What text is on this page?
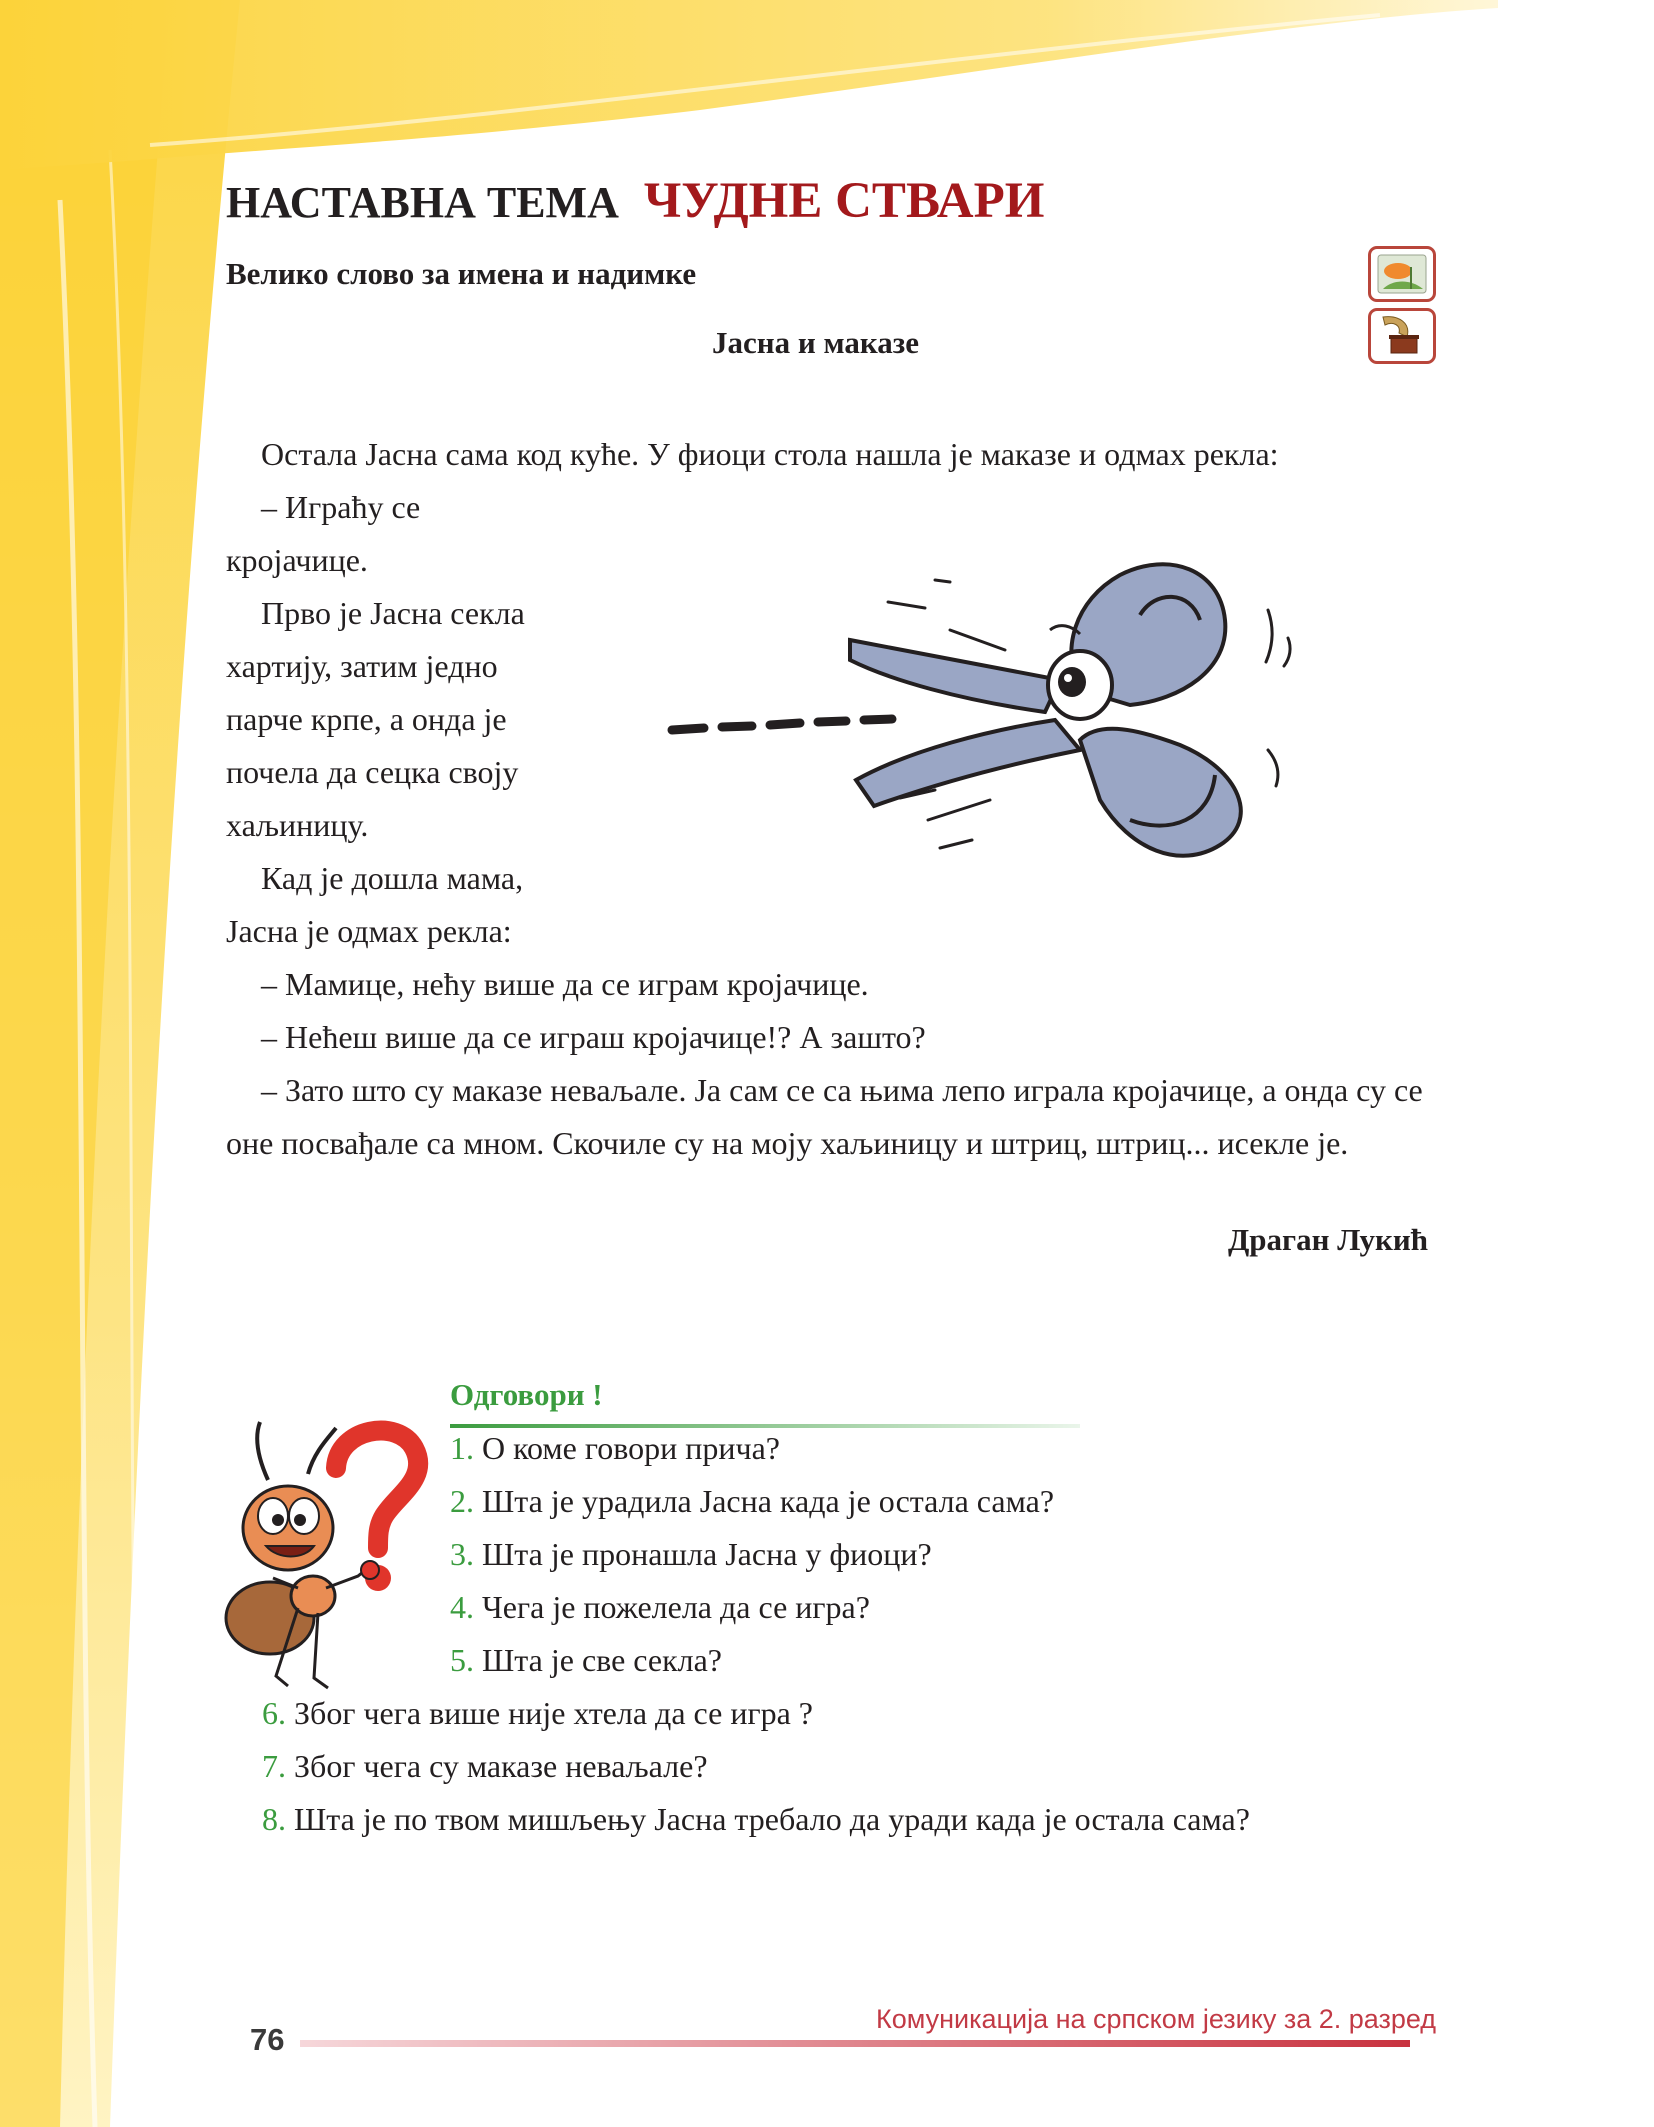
НАСТАВНА ТЕМА ЧУДНЕ СТВАРИ
Велико слово за имена и надимке
Јасна и маказе

Остала Јасна сама код куће. У фиоци стола нашла је маказе и одмах рекла:

– Играћу се

кројачице.

Прво је Јасна секла хартију, затим једно парче крпе, а онда је почела да сецка своју хаљиницу.

Кад је дошла мама, Јасна је одмах рекла:

– Мамице, нећу више да се играм кројачице.

– Нећеш више да се играш кројачице!? А зашто?

– Зато што су маказе неваљале. Ја сам се са њима лепо играла кројачице, а онда су се оне посвађале са мном. Скочиле су на моју хаљиницу и штриц, штриц... исекле је.

Драган Лукић
Одговори !
1. О коме говори прича?
2. Шта је урадила Јасна када је остала сама?
3. Шта је пронашла Јасна у фиоци?
4. Чега је пожелела да се игра?
5. Шта је све секла?
6. Због чега више није хтела да се игра ?
7. Због чега су маказе неваљале?
8. Шта је по твом мишљењу Јасна требало да уради када је остала сама?
76
Комуникација на српском језику за 2. разред
